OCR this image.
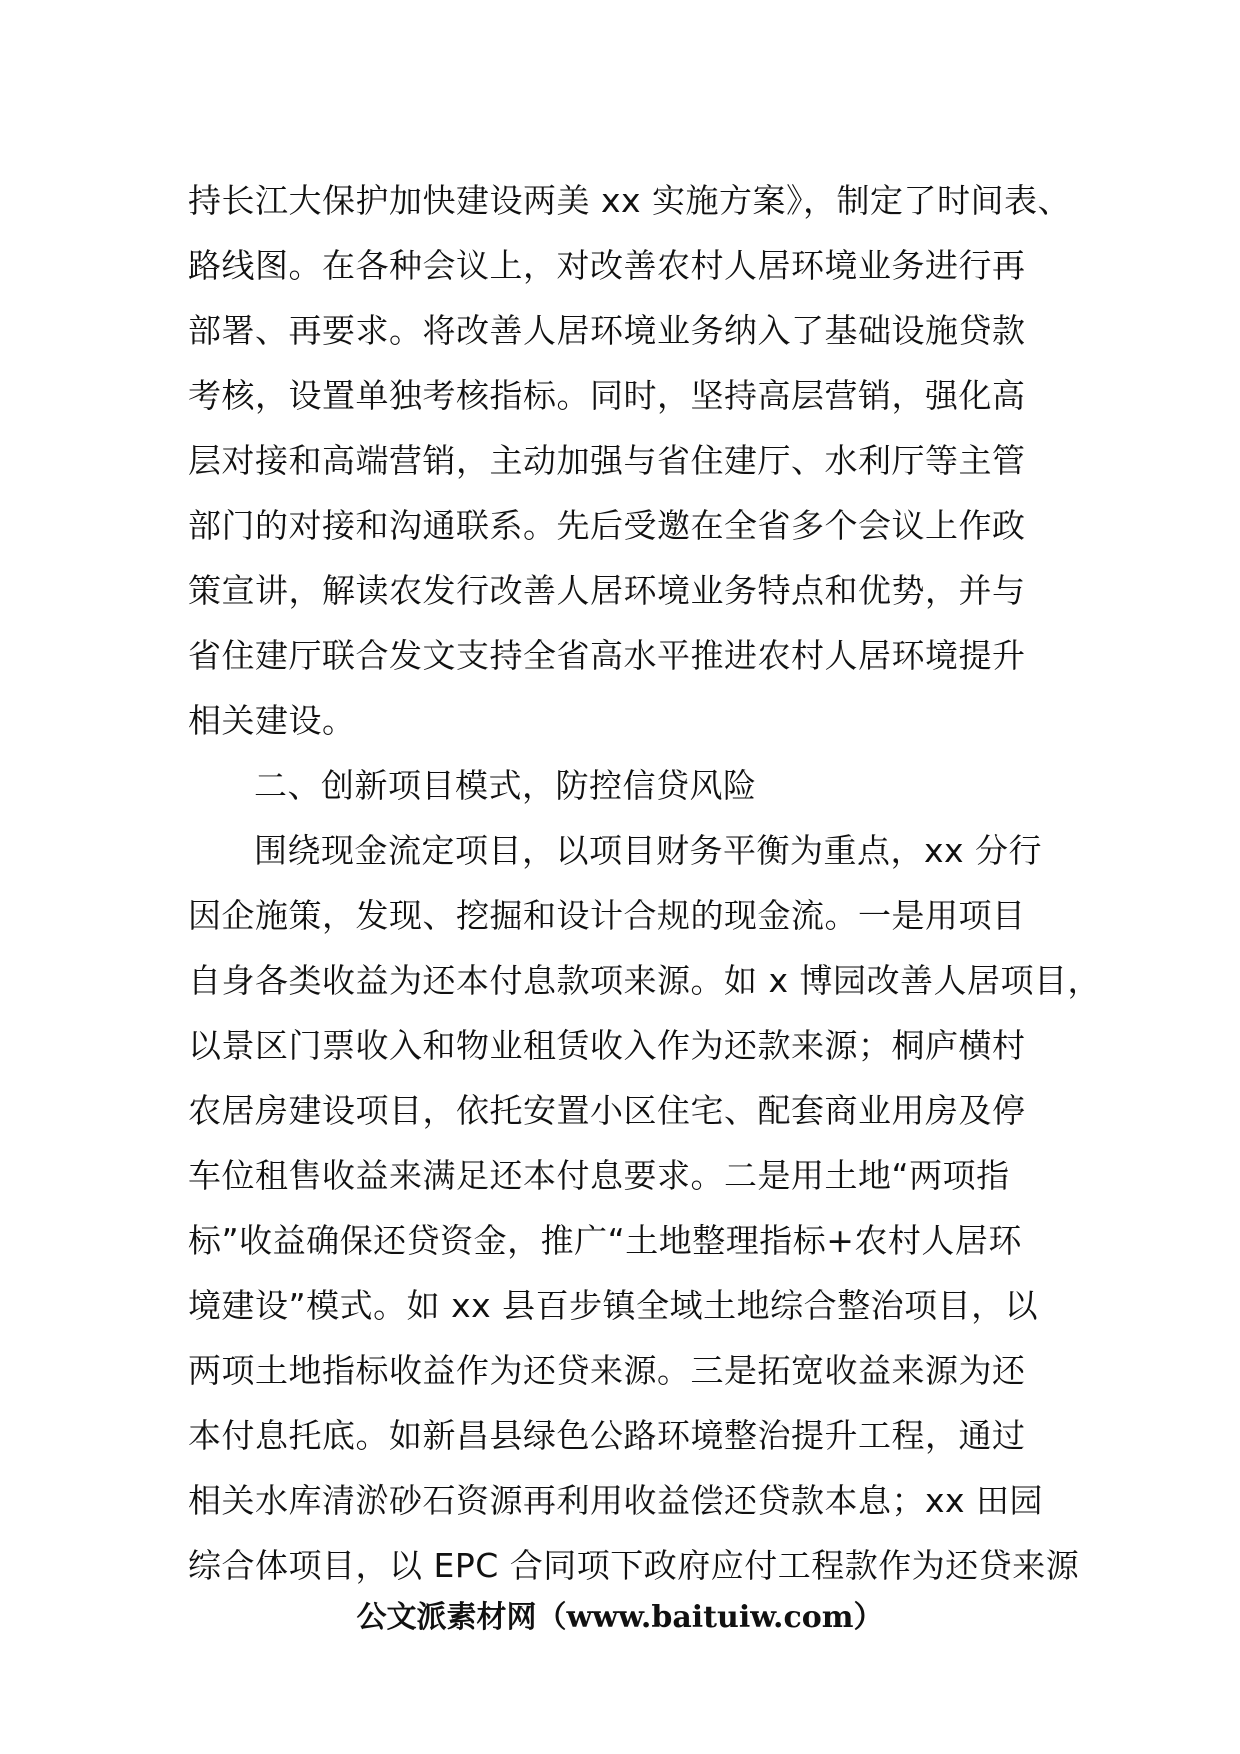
持长江大保护加快建设两美 xx 实施方案》，制定了时间表、
路线图。在各种会议上，对改善农村人居环境业务进行再
部署、再要求。将改善人居环境业务纳入了基础设施贷款
考核，设置单独考核指标。同时，坚持高层营销，强化高
层对接和高端营销，主动加强与省住建厅、水利厅等主管
部门的对接和沟通联系。先后受邀在全省多个会议上作政
策宣讲，解读农发行改善人居环境业务特点和优势，并与
省住建厅联合发文支持全省高水平推进农村人居环境提升
相关建设。
二、创新项目模式，防控信贷风险
围绕现金流定项目，以项目财务平衡为重点，xx 分行
因企施策，发现、挖掘和设计合规的现金流。一是用项目
自身各类收益为还本付息款项来源。如 x 博园改善人居项目，
以景区门票收入和物业租赁收入作为还款来源；桐庐横村
农居房建设项目，依托安置小区住宅、配套商业用房及停
车位租售收益来满足还本付息要求。二是用土地“两项指
标”收益确保还贷资金，推广“土地整理指标+农村人居环
境建设”模式。如 xx 县百步镇全域土地综合整治项目，以
两项土地指标收益作为还贷来源。三是拓宽收益来源为还
本付息托底。如新昌县绿色公路环境整治提升工程，通过
相关水库清淤砂石资源再利用收益偿还贷款本息；xx 田园
综合体项目，以 EPC 合同项下政府应付工程款作为还贷来源
公文派素材网（www.baituiw.com）
